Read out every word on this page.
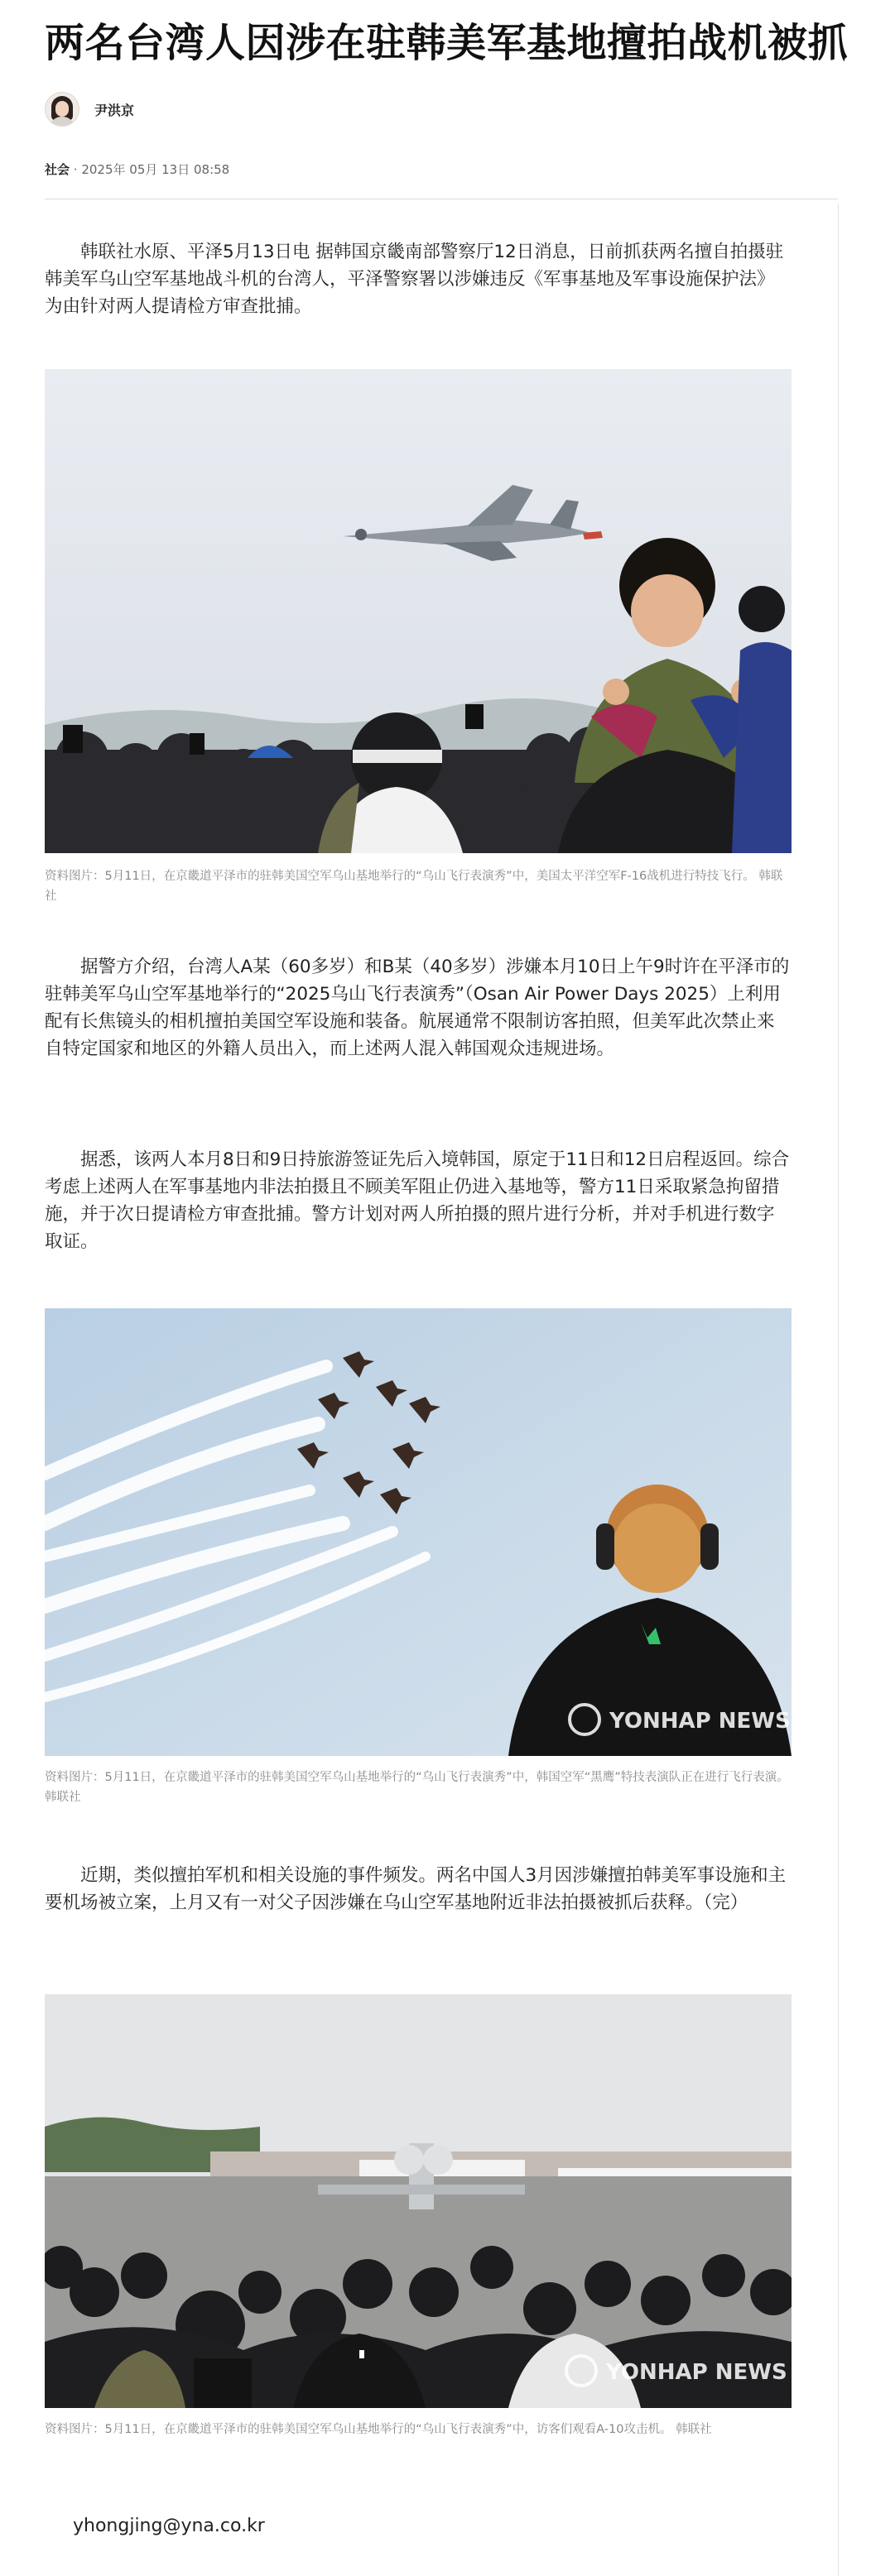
两名台湾人因涉在驻韩美军基地擅拍战机被抓
尹洪京
社会 · 2025年 05月 13日 08:58

韩联社水原、平泽5月13日电 据韩国京畿南部警察厅12日消息，日前抓获两名擅自拍摄驻韩美军乌山空军基地战斗机的台湾人，平泽警察署以涉嫌违反《军事基地及军事设施保护法》为由针对两人提请检方审查批捕。

资料图片：5月11日，在京畿道平泽市的驻韩美国空军乌山基地举行的“乌山飞行表演秀”中，美国太平洋空军F-16战机进行特技飞行。 韩联社

据警方介绍，台湾人A某（60多岁）和B某（40多岁）涉嫌本月10日上午9时许在平泽市的驻韩美军乌山空军基地举行的“2025乌山飞行表演秀”（Osan Air Power Days 2025）上利用配有长焦镜头的相机擅拍美国空军设施和装备。航展通常不限制访客拍照，但美军此次禁止来自特定国家和地区的外籍人员出入，而上述两人混入韩国观众违规进场。

据悉，该两人本月8日和9日持旅游签证先后入境韩国，原定于11日和12日启程返回。综合考虑上述两人在军事基地内非法拍摄且不顾美军阻止仍进入基地等，警方11日采取紧急拘留措施，并于次日提请检方审查批捕。警方计划对两人所拍摄的照片进行分析，并对手机进行数字取证。

YONHAP NEWS

资料图片：5月11日，在京畿道平泽市的驻韩美国空军乌山基地举行的“乌山飞行表演秀”中，韩国空军“黑鹰”特技表演队正在进行飞行表演。 韩联社

近期，类似擅拍军机和相关设施的事件频发。两名中国人3月因涉嫌擅拍韩美军事设施和主要机场被立案，上月又有一对父子因涉嫌在乌山空军基地附近非法拍摄被抓后获释。（完）

YONHAP NEWS

资料图片：5月11日，在京畿道平泽市的驻韩美国空军乌山基地举行的“乌山飞行表演秀”中，访客们观看A-10攻击机。 韩联社

yhongjing@yna.co.kr
